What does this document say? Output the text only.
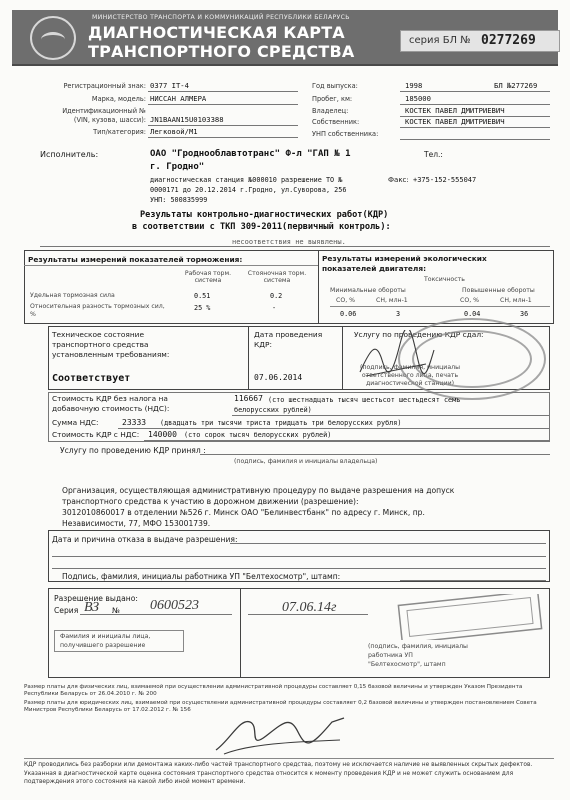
МИНИСТЕРСТВО ТРАНСПОРТА И КОММУНИКАЦИЙ РЕСПУБЛИКИ БЕЛАРУСЬ
ДИАГНОСТИЧЕСКАЯ КАРТА
ТРАНСПОРТНОГО СРЕДСТВА
серия БЛ № 0277269
Регистрационный знак: 0377 IT-4
Марка, модель: НИССАН АЛМЕРА
Идентификационный №
(VIN, кузова, шасси): JN1BAAN15U0103388
Тип/категория: Легковой/М1
Год выпуска:	1998	БЛ №277269
Пробег, км:	185000
Владелец:	КОСТЕК ПАВЕЛ ДМИТРИЕВИЧ
Собственник:	КОСТЕК ПАВЕЛ ДМИТРИЕВИЧ
УНП собственника:
Исполнитель:	ОАО "Гроднооблавтотранс" Ф-л "ГАП № 1	Тел.:
г. Гродно"
диагностическая станция №000010 разрешение ТО №	Факс: +375-152-555047
0000171 до 20.12.2014 г.Гродно, ул.Суворова, 256
УНП: 500835999
Результаты контрольно-диагностических работ(КДР)
в соответствии с ТКП 309-2011(первичный контроль):
несоответствия не выявлены.
Результаты измерений показателей торможения:
Рабочая торм. система
Стояночная торм. система
Удельная тормозная сила	0.51	0.2
Относительная разность тормозных сил, %
25 %	-
Результаты измерений экологических
показателей двигателя:
Токсичность
Минимальные обороты	Повышенные обороты
CO, %	CH, млн-1	CO, %	CH, млн-1
0.06	3	0.04	36
Техническое состояние
транспортного средства
установленным требованиям:
Соответствует
Дата проведения
КДР:
07.06.2014
Услугу по проведению КДР сдал:
(подпись, фамилия, инициалы ответственного лица, печать диагностической станции)
Стоимость КДР без налога на
добавочную стоимость (НДС):
116667 (сто шестнадцать тысяч шестьсот шестьдесят семь
белорусских рублей)
Сумма НДС:	23333 (двадцать три тысячи триста тридцать три белорусских рубля)
Стоимость КДР с НДС: 140000 (сто сорок тысяч белорусских рублей)
Услугу по проведению КДР принял :
(подпись, фамилия и инициалы владельца)
Организация, осуществляющая административную процедуру по выдаче разрешения на допуск
транспортного средства к участию в дорожном движении (разрешение):
3012010860017 в отделении №526 г. Минск ОАО "Белинвестбанк" по адресу г. Минск, пр.
Независимости, 77, МФО 153001739.
Дата и причина отказа в выдаче разрешения:
Подпись, фамилия, инициалы работника УП "Белтехосмотр", штамп:
Разрешение выдано:
Серия ВЗ № 0600523	07.06.14г
Фамилия и инициалы лица,
получившего разрешение	(подпись, фамилия, инициалы
работника УП
"Белтехосмотр", штамп
Размер платы для физических лиц, взимаемой при осуществлении административной процедуры составляет 0,15 базовой величины и утвержден Указом Президента
Республики Беларусь от 26.04.2010 г. № 200
Размер платы для юридических лиц, взимаемой при осуществлении административной процедуры составляет 0,2 базовой величины и утвержден постановлением Совета
Министров Республики Беларусь от 17.02.2012 г. № 156
КДР проводились без разборки или демонтажа каких-либо частей транспортного средства, поэтому не исключается наличие не выявленных скрытых дефектов.
Указанная в диагностической карте оценка состояния транспортного средства относится к моменту проведения КДР и не может служить основанием для
подтверждения этого состояния на какой либо иной момент времени.
